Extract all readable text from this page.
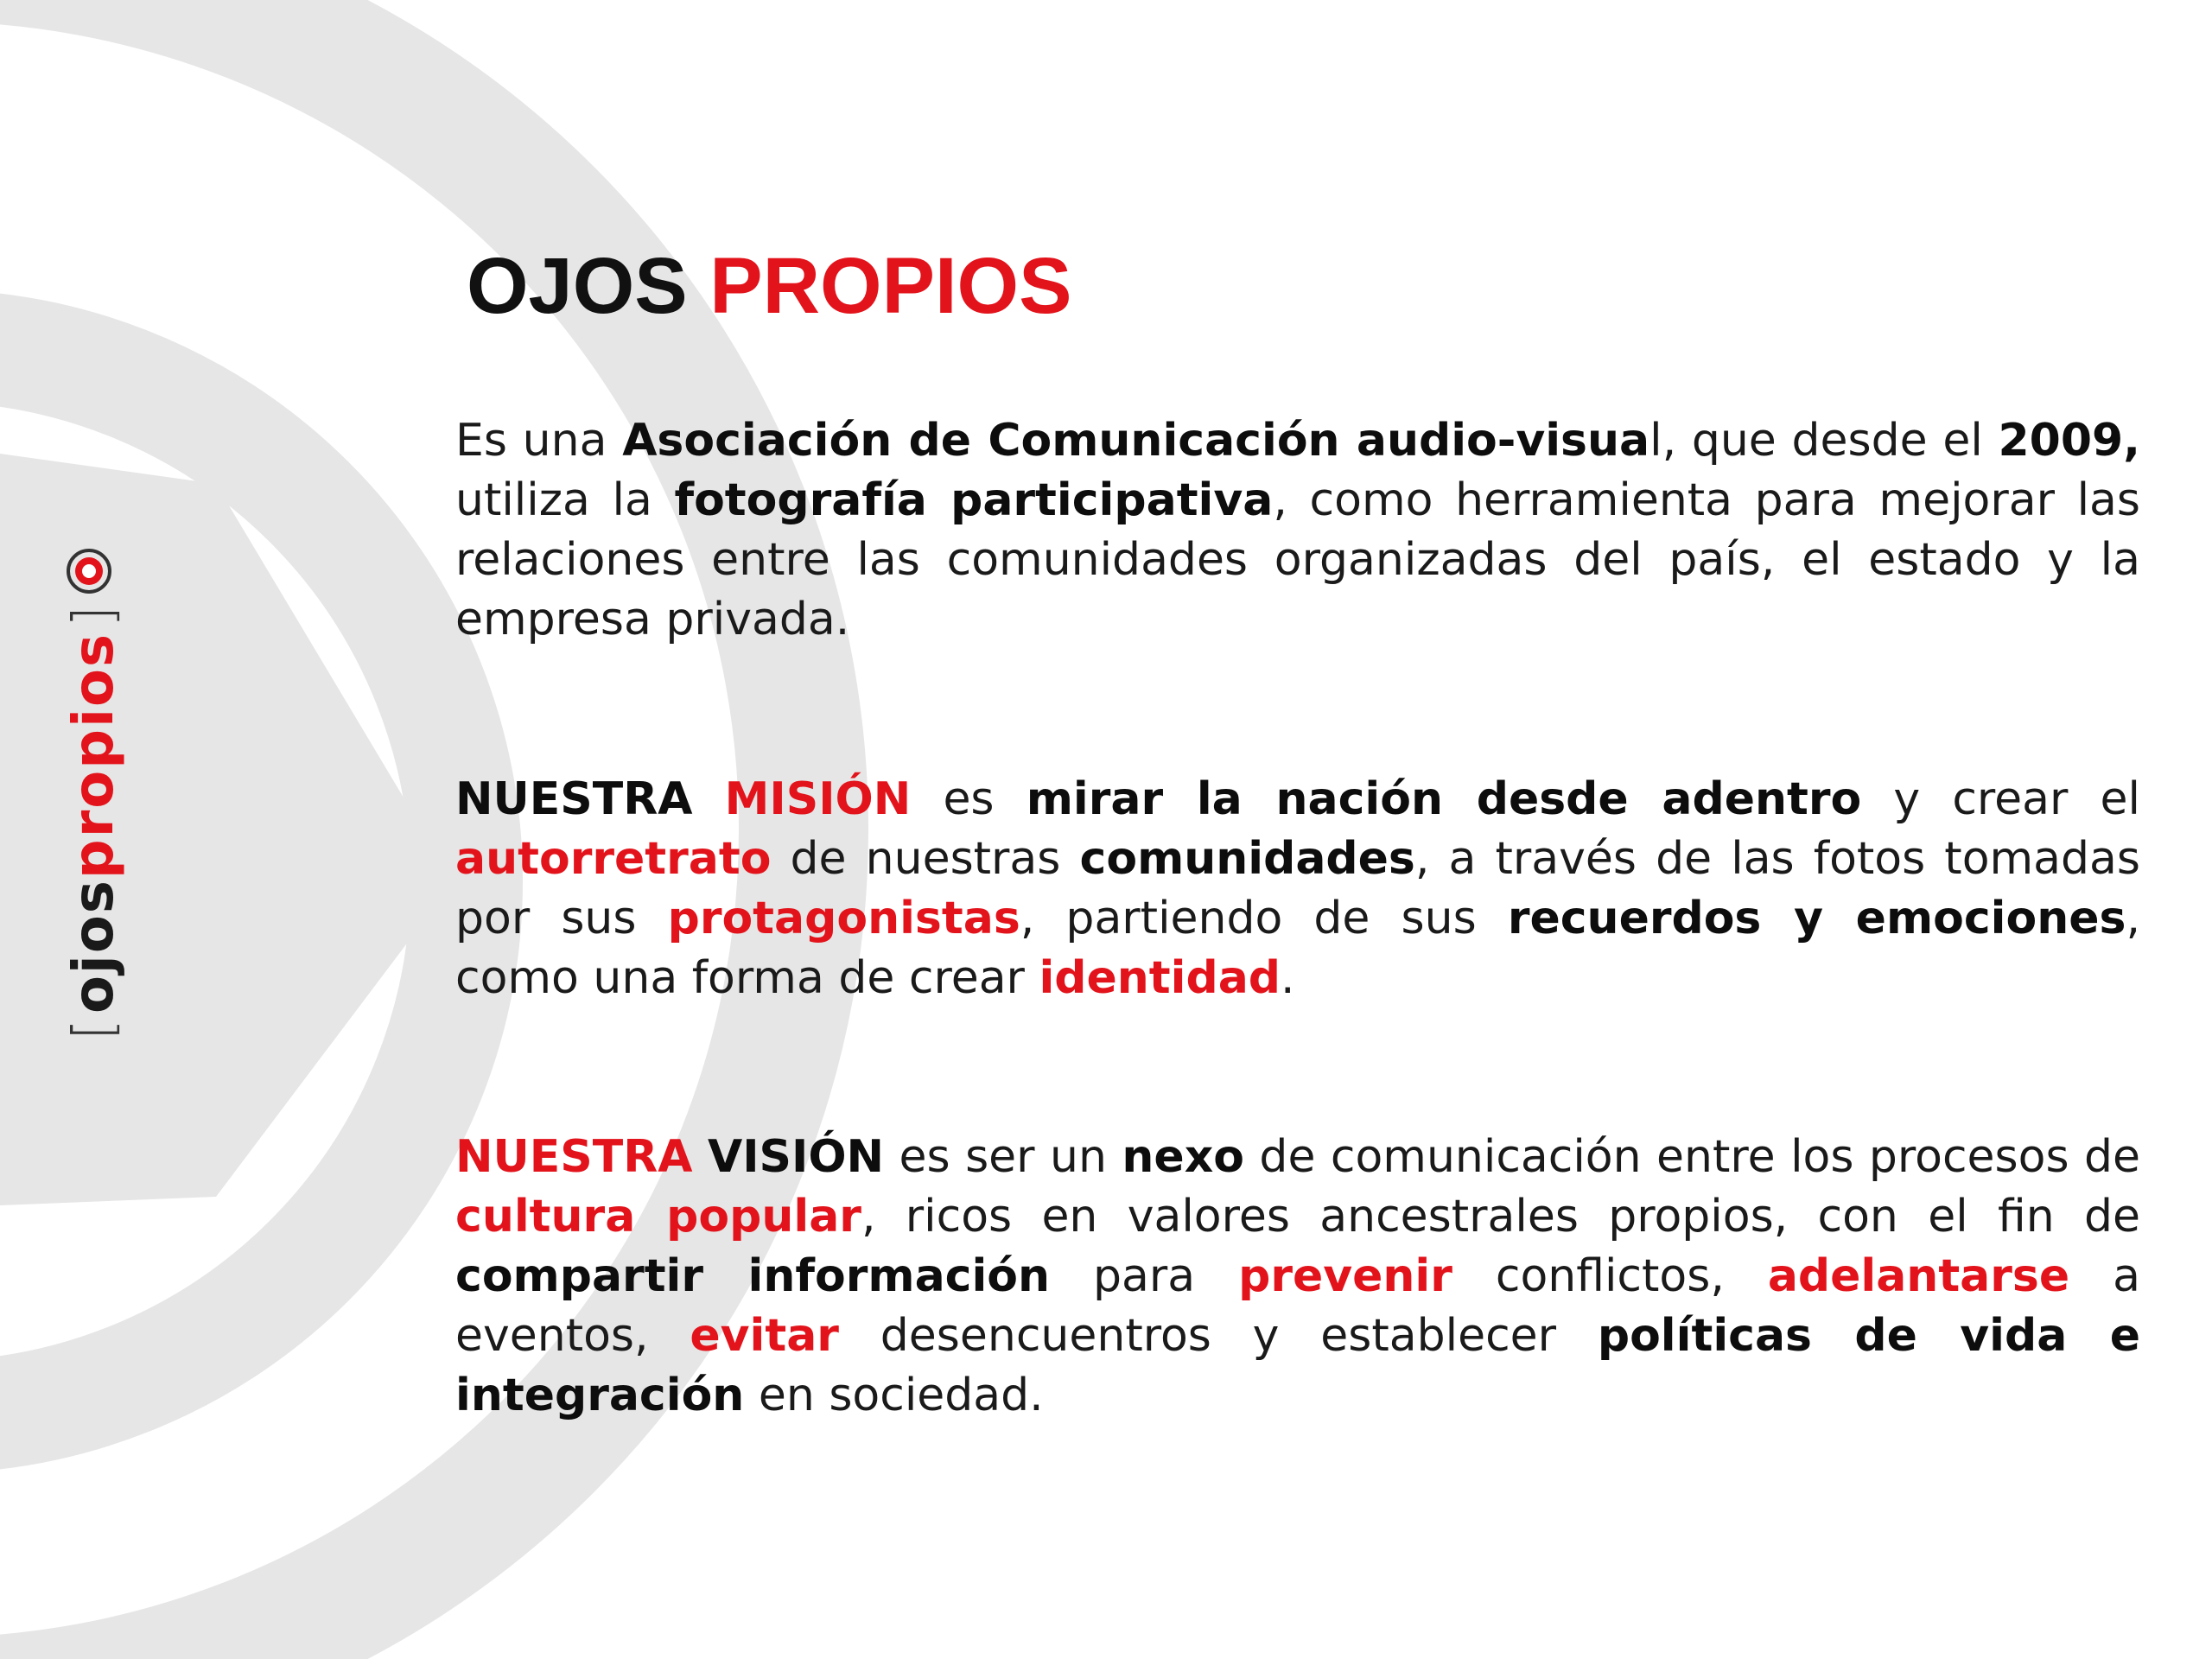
[
ojos
propios
]
OJOS PROPIOS
Es una Asociación de Comunicación audio-visual, que desde el 2009, utiliza la fotografía participativa, como herramienta para mejorar las relaciones entre las comunidades organizadas del país, el estado y la empresa privada.
NUESTRA MISIÓN es mirar la nación desde adentro y crear el autorretrato de nuestras comunidades, a través de las fotos tomadas por sus protagonistas, partiendo de sus recuerdos y emociones, como una forma de crear identidad.
NUESTRA VISIÓN es ser un nexo de comunicación entre los procesos de cultura popular, ricos en valores ancestrales propios, con el fin de compartir información para prevenir conflictos, adelantarse a eventos, evitar desencuentros y establecer políticas de vida e integración en sociedad.
